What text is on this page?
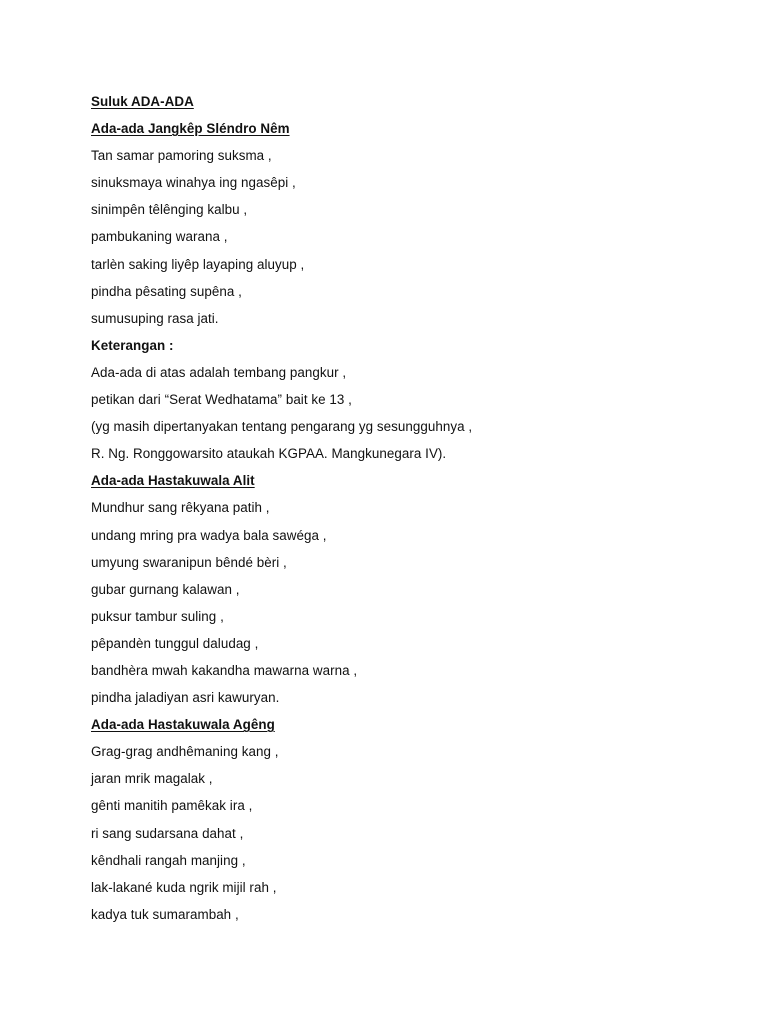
Suluk ADA-ADA
Ada-ada Jangkêp Sléndro Nêm
Tan samar pamoring suksma ,
sinuksmaya winahya ing ngasêpi ,
sinimpên têlênging kalbu ,
pambukaning warana ,
tarlèn saking liyêp layaping aluyup ,
pindha pêsating supêna ,
sumusuping rasa jati.
Keterangan :
Ada-ada di atas adalah tembang pangkur ,
petikan dari “Serat Wedhatama” bait ke 13 ,
(yg masih dipertanyakan tentang pengarang yg sesungguhnya ,
R. Ng. Ronggowarsito ataukah KGPAA. Mangkunegara IV).
Ada-ada Hastakuwala Alit
Mundhur sang rêkyana patih ,
undang mring pra wadya bala sawéga ,
umyung swaranipun bêndé bèri ,
gubar gurnang kalawan ,
puksur tambur suling ,
pêpandèn tunggul daludag ,
bandhèra mwah kakandha mawarna warna ,
pindha jaladiyan asri kawuryan.
Ada-ada Hastakuwala Agêng
Grag-grag andhêmaning kang ,
jaran mrik magalak ,
gênti manitih pamêkak ira ,
ri sang sudarsana dahat ,
kêndhali rangah manjing ,
lak-lakané kuda ngrik mijil rah ,
kadya tuk sumarambah ,
